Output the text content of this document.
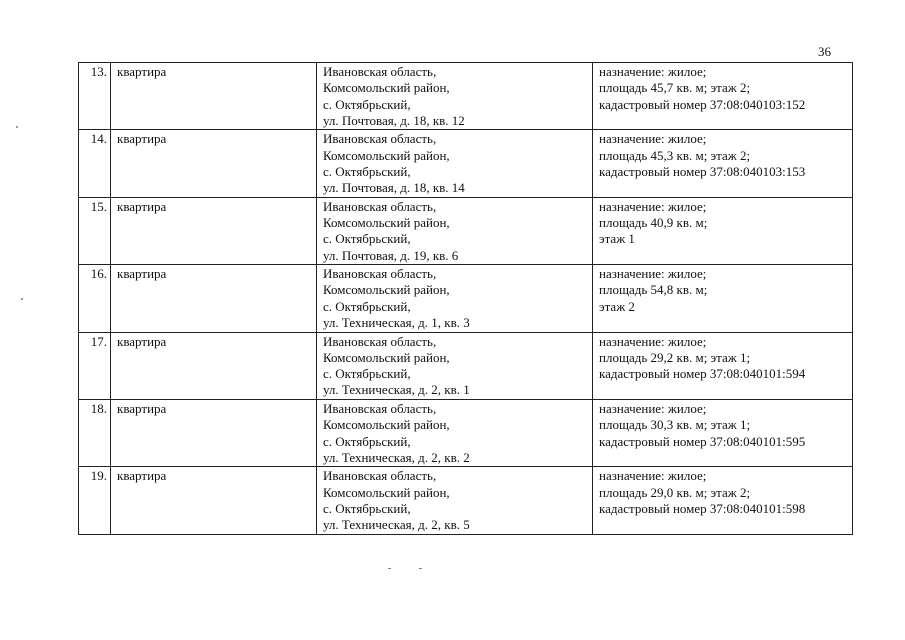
36
13.	квартира	Ивановская область,
Комсомольский район,
с. Октябрьский,
ул. Почтовая, д. 18, кв. 12	назначение: жилое;
площадь 45,7 кв. м; этаж 2;
кадастровый номер 37:08:040103:152

14.	квартира	Ивановская область,
Комсомольский район,
с. Октябрьский,
ул. Почтовая, д. 18, кв. 14	назначение: жилое;
площадь 45,3 кв. м; этаж 2;
кадастровый номер 37:08:040103:153

15.	квартира	Ивановская область,
Комсомольский район,
с. Октябрьский,
ул. Почтовая, д. 19, кв. 6	назначение: жилое;
площадь 40,9 кв. м;
этаж 1

16.	квартира	Ивановская область,
Комсомольский район,
с. Октябрьский,
ул. Техническая, д. 1, кв. 3	назначение: жилое;
площадь 54,8 кв. м;
этаж 2

17.	квартира	Ивановская область,
Комсомольский район,
с. Октябрьский,
ул. Техническая, д. 2, кв. 1	назначение: жилое;
площадь 29,2 кв. м; этаж 1;
кадастровый номер 37:08:040101:594

18.	квартира	Ивановская область,
Комсомольский район,
с. Октябрьский,
ул. Техническая, д. 2, кв. 2	назначение: жилое;
площадь 30,3 кв. м; этаж 1;
кадастровый номер 37:08:040101:595

19.	квартира	Ивановская область,
Комсомольский район,
с. Октябрьский,
ул. Техническая, д. 2, кв. 5	назначение: жилое;
площадь 29,0 кв. м; этаж 2;
кадастровый номер 37:08:040101:598
